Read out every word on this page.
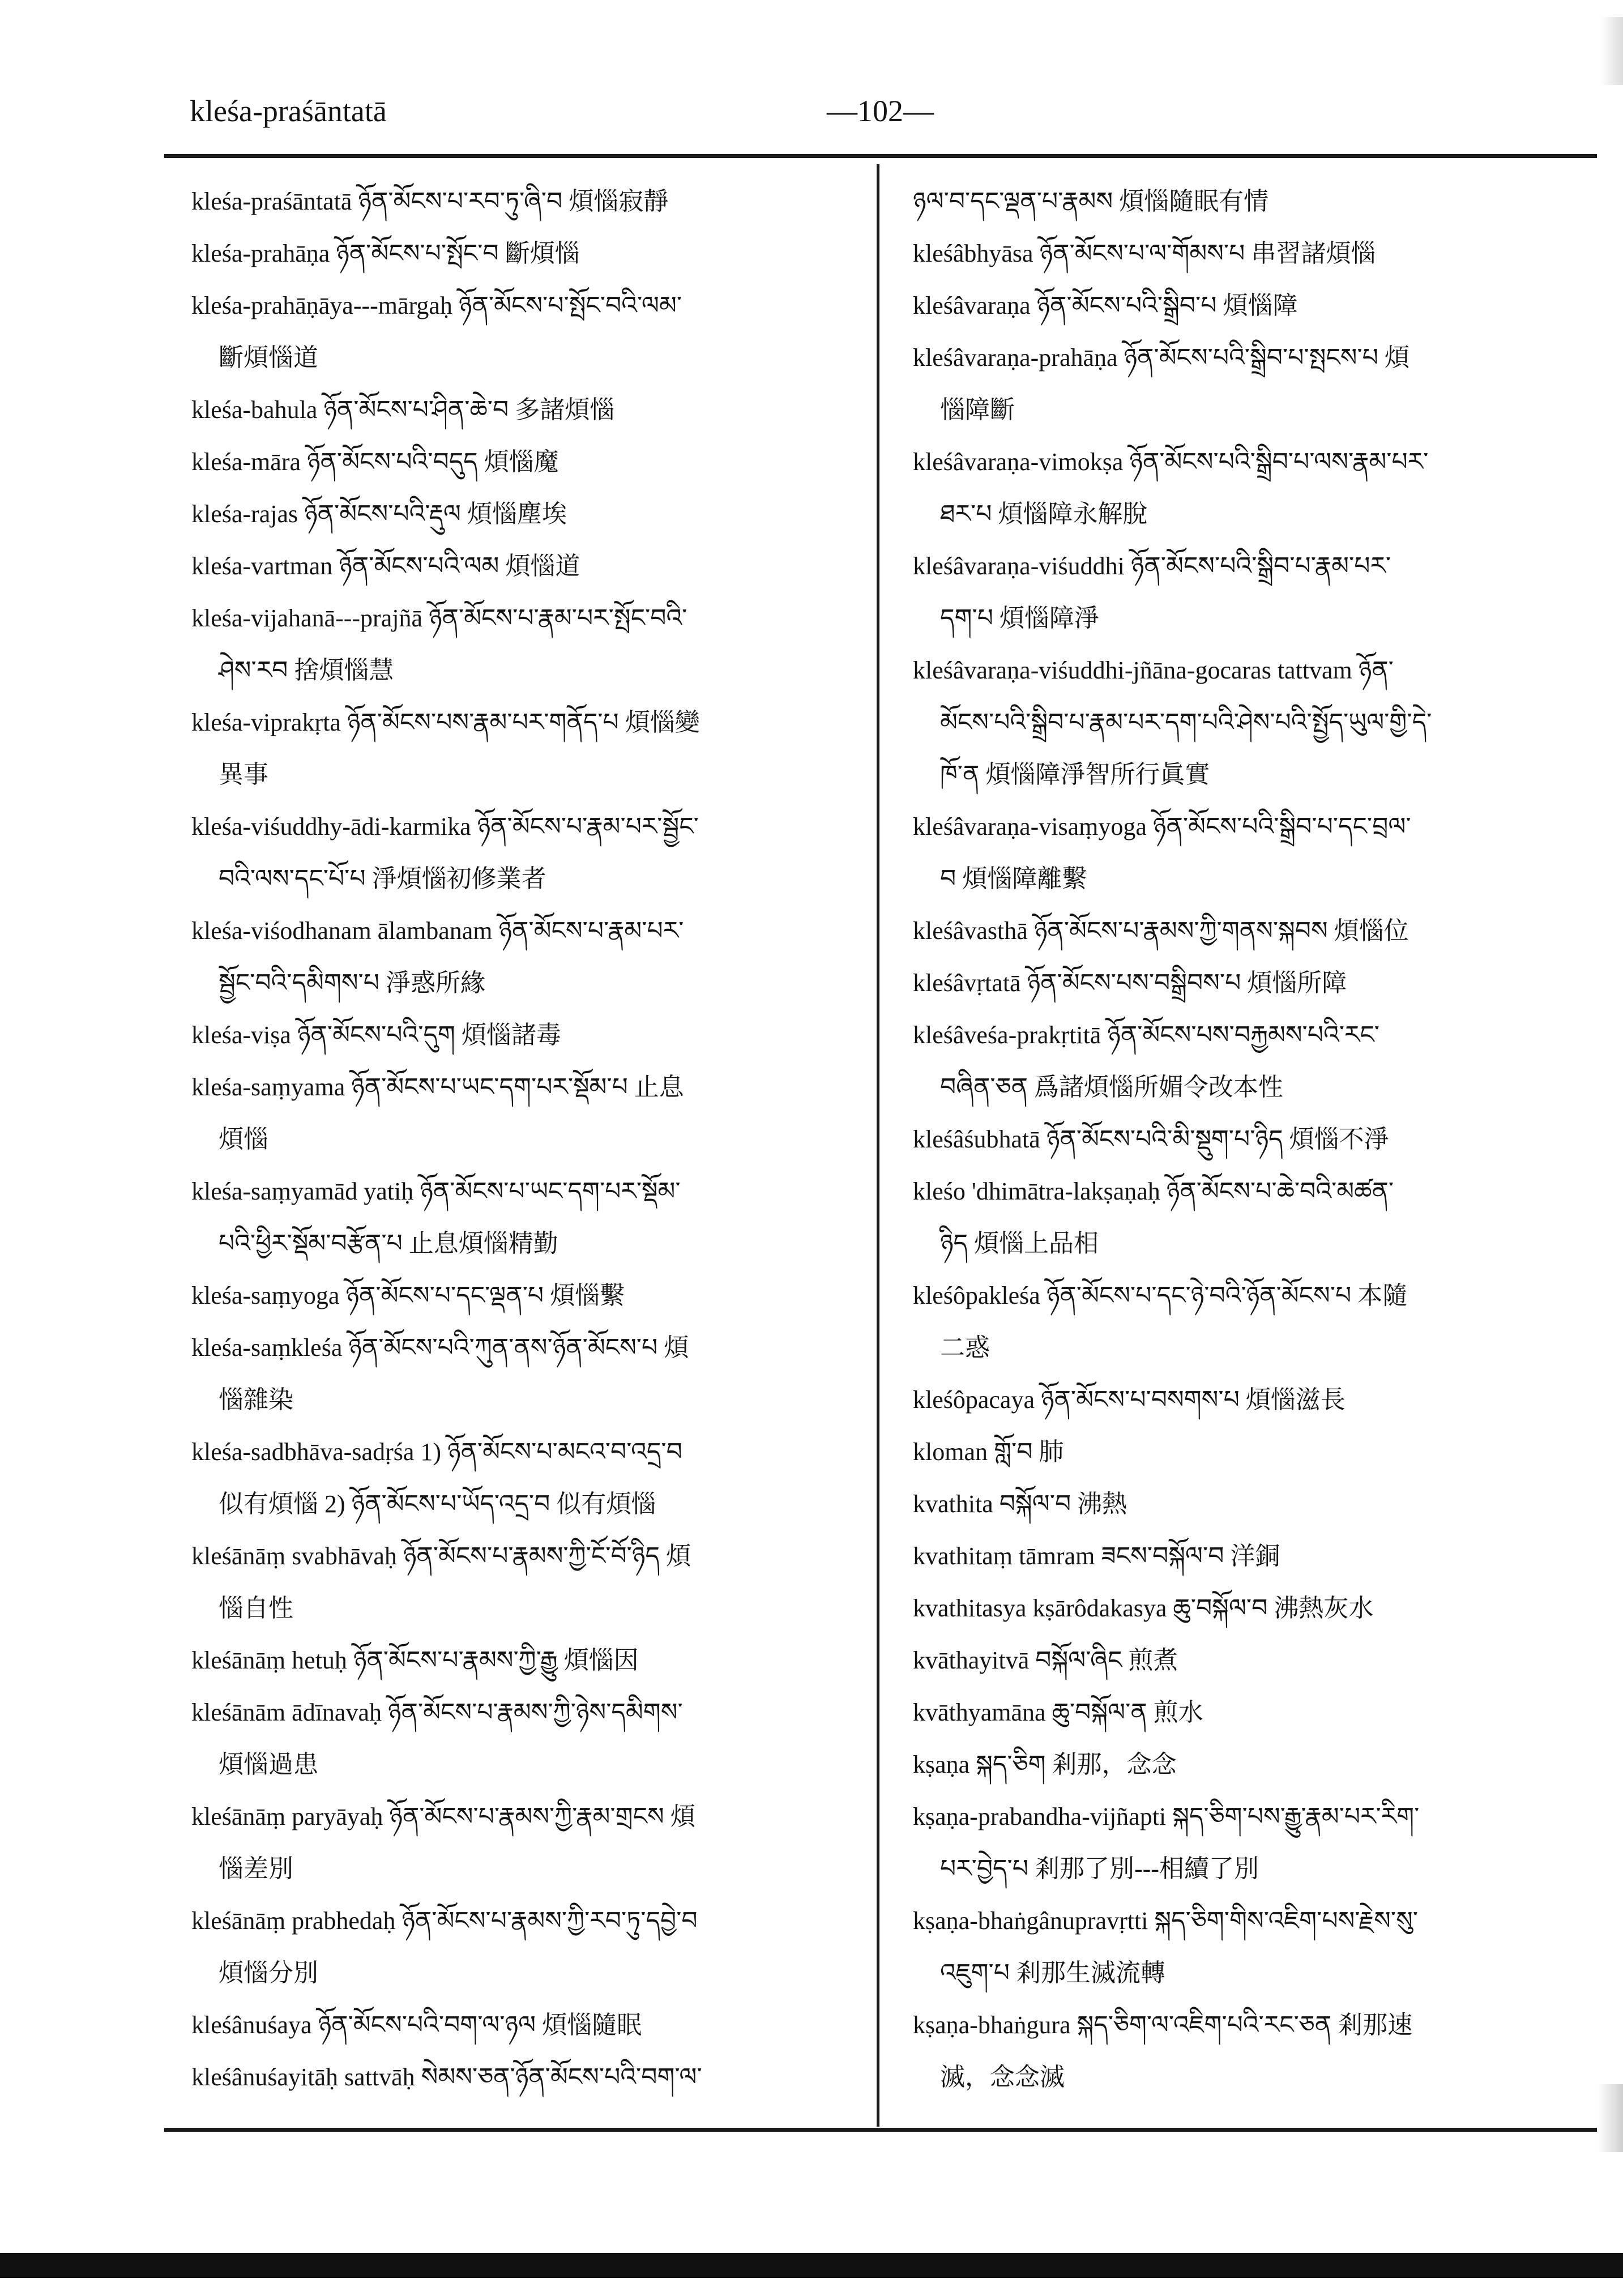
kleśa-praśāntatā	—102—
kleśa-praśāntatā ཉོན་མོངས་པ་རབ་ཏུ་ཞི་བ 煩惱寂靜
kleśa-prahāṇa ཉོན་མོངས་པ་སྤོང་བ 斷煩惱
kleśa-prahāṇāya---mārgaḥ ཉོན་མོངས་པ་སྤོང་བའི་ལམ་
斷煩惱道
kleśa-bahula ཉོན་མོངས་པ་ཤིན་ཆེ་བ 多諸煩惱
kleśa-māra ཉོན་མོངས་པའི་བདུད 煩惱魔
kleśa-rajas ཉོན་མོངས་པའི་རྡུལ 煩惱塵埃
kleśa-vartman ཉོན་མོངས་པའི་ལམ 煩惱道
kleśa-vijahanā---prajñā ཉོན་མོངས་པ་རྣམ་པར་སྤོང་བའི་
ཤེས་རབ 捨煩惱慧
kleśa-viprakṛta ཉོན་མོངས་པས་རྣམ་པར་གནོད་པ 煩惱變
異事
kleśa-viśuddhy-ādi-karmika ཉོན་མོངས་པ་རྣམ་པར་སྦྱོང་
བའི་ལས་དང་པོ་པ 淨煩惱初修業者
kleśa-viśodhanam ālambanam ཉོན་མོངས་པ་རྣམ་པར་
སྦྱོང་བའི་དམིགས་པ 淨惑所緣
kleśa-viṣa ཉོན་མོངས་པའི་དུག 煩惱諸毒
kleśa-saṃyama ཉོན་མོངས་པ་ཡང་དག་པར་སྡོམ་པ 止息
煩惱
kleśa-saṃyamād yatiḥ ཉོན་མོངས་པ་ཡང་དག་པར་སྡོམ་
པའི་ཕྱིར་སྡོམ་བརྩོན་པ 止息煩惱精勤
kleśa-saṃyoga ཉོན་མོངས་པ་དང་ལྡན་པ 煩惱繫
kleśa-saṃkleśa ཉོན་མོངས་པའི་ཀུན་ནས་ཉོན་མོངས་པ 煩
惱雜染
kleśa-sadbhāva-sadṛśa 1) ཉོན་མོངས་པ་མངའ་བ་འདྲ་བ
似有煩惱 2) ཉོན་མོངས་པ་ཡོད་འདྲ་བ 似有煩惱
kleśānāṃ svabhāvaḥ ཉོན་མོངས་པ་རྣམས་ཀྱི་ངོ་བོ་ཉིད 煩
惱自性
kleśānāṃ hetuḥ ཉོན་མོངས་པ་རྣམས་ཀྱི་རྒྱུ 煩惱因
kleśānām ādīnavaḥ ཉོན་མོངས་པ་རྣམས་ཀྱི་ཉེས་དམིགས་
煩惱過患
kleśānāṃ paryāyaḥ ཉོན་མོངས་པ་རྣམས་ཀྱི་རྣམ་གྲངས 煩
惱差別
kleśānāṃ prabhedaḥ ཉོན་མོངས་པ་རྣམས་ཀྱི་རབ་ཏུ་དབྱེ་བ
煩惱分別
kleśânuśaya ཉོན་མོངས་པའི་བག་ལ་ཉལ 煩惱隨眠
kleśânuśayitāḥ sattvāḥ སེམས་ཅན་ཉོན་མོངས་པའི་བག་ལ་
ཉལ་བ་དང་ལྡན་པ་རྣམས 煩惱隨眠有情
kleśâbhyāsa ཉོན་མོངས་པ་ལ་གོམས་པ 串習諸煩惱
kleśâvaraṇa ཉོན་མོངས་པའི་སྒྲིབ་པ 煩惱障
kleśâvaraṇa-prahāṇa ཉོན་མོངས་པའི་སྒྲིབ་པ་སྤངས་པ 煩
惱障斷
kleśâvaraṇa-vimokṣa ཉོན་མོངས་པའི་སྒྲིབ་པ་ལས་རྣམ་པར་
ཐར་པ 煩惱障永解脫
kleśâvaraṇa-viśuddhi ཉོན་མོངས་པའི་སྒྲིབ་པ་རྣམ་པར་
དག་པ 煩惱障淨
kleśâvaraṇa-viśuddhi-jñāna-gocaras tattvam ཉོན་
མོངས་པའི་སྒྲིབ་པ་རྣམ་པར་དག་པའི་ཤེས་པའི་སྤྱོད་ཡུལ་གྱི་དེ་
ཁོ་ན 煩惱障淨智所行眞實
kleśâvaraṇa-visaṃyoga ཉོན་མོངས་པའི་སྒྲིབ་པ་དང་བྲལ་
བ 煩惱障離繫
kleśâvasthā ཉོན་མོངས་པ་རྣམས་ཀྱི་གནས་སྐབས 煩惱位
kleśâvṛtatā ཉོན་མོངས་པས་བསྒྲིབས་པ 煩惱所障
kleśâveśa-prakṛtitā ཉོན་མོངས་པས་བརྐྱམས་པའི་རང་
བཞིན་ཅན 爲諸煩惱所媚令改本性
kleśâśubhatā ཉོན་མོངས་པའི་མི་སྡུག་པ་ཉིད 煩惱不淨
kleśo 'dhimātra-lakṣaṇaḥ ཉོན་མོངས་པ་ཆེ་བའི་མཚན་
ཉིད 煩惱上品相
kleśôpakleśa ཉོན་མོངས་པ་དང་ཉེ་བའི་ཉོན་མོངས་པ 本隨
二惑
kleśôpacaya ཉོན་མོངས་པ་བསགས་པ 煩惱滋長
kloman གློ་བ 肺
kvathita བསྐོལ་བ 沸熱
kvathitaṃ tāmram ཟངས་བསྐོལ་བ 洋銅
kvathitasya kṣārôdakasya ཆུ་བསྐོལ་བ 沸熱灰水
kvāthayitvā བསྐོལ་ཞིང 煎煮
kvāthyamāna ཆུ་བསྐོལ་ན 煎水
kṣaṇa སྐད་ཅིག 剎那，念念
kṣaṇa-prabandha-vijñapti སྐད་ཅིག་པས་རྒྱུ་རྣམ་པར་རིག་
པར་བྱེད་པ 剎那了別---相續了別
kṣaṇa-bhaṅgânupravṛtti སྐད་ཅིག་གིས་འཇིག་པས་རྗེས་སུ་
འཇུག་པ 剎那生滅流轉
kṣaṇa-bhaṅgura སྐད་ཅིག་ལ་འཇིག་པའི་རང་ཅན 剎那速
滅，念念滅
